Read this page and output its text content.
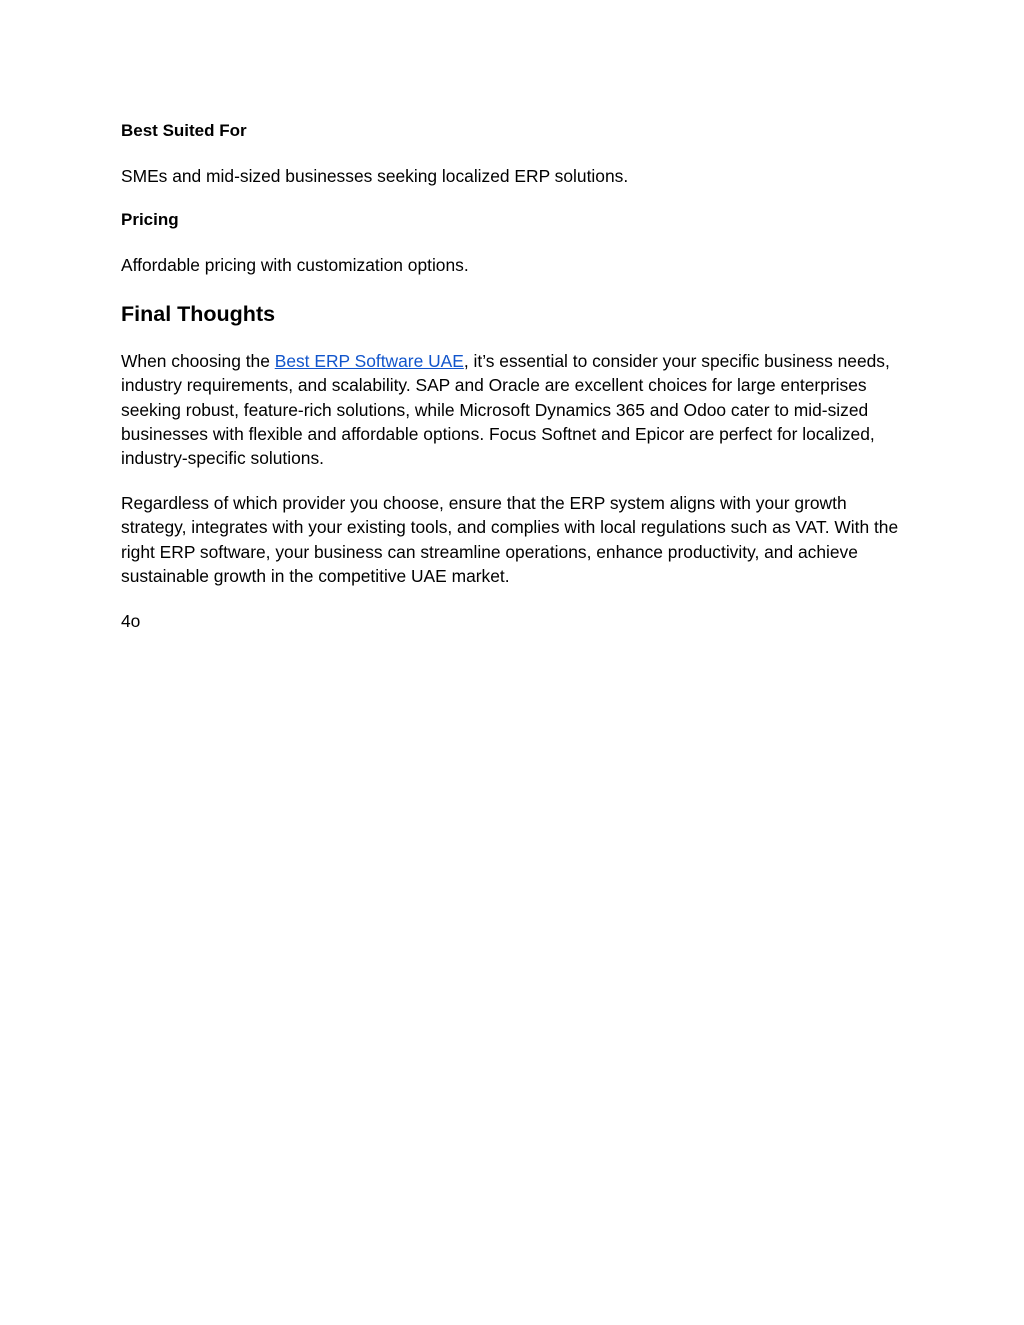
Best Suited For

SMEs and mid-sized businesses seeking localized ERP solutions.

Pricing

Affordable pricing with customization options.

Final Thoughts

When choosing the Best ERP Software UAE, it’s essential to consider your specific business needs, industry requirements, and scalability. SAP and Oracle are excellent choices for large enterprises seeking robust, feature-rich solutions, while Microsoft Dynamics 365 and Odoo cater to mid-sized businesses with flexible and affordable options. Focus Softnet and Epicor are perfect for localized, industry-specific solutions.

Regardless of which provider you choose, ensure that the ERP system aligns with your growth strategy, integrates with your existing tools, and complies with local regulations such as VAT. With the right ERP software, your business can streamline operations, enhance productivity, and achieve sustainable growth in the competitive UAE market.

4o
